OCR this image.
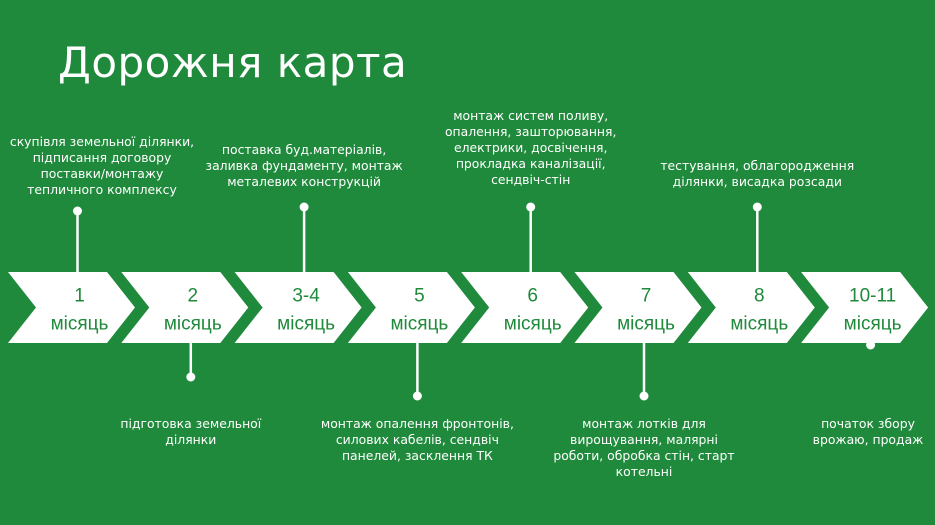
Дорожня карта
1
місяць
2
місяць
3-4
місяць
5
місяць
6
місяць
7
місяць
8
місяць
10-11
місяць
скупівля земельної ділянки,
підписання договору
поставки/монтажу
тепличного комплексу
підготовка земельної
ділянки
поставка буд.матеріалів,
заливка фундаменту, монтаж
металевих конструкцій
монтаж опалення фронтонів,
силових кабелів, сендвіч
панелей, засклення ТК
монтаж систем поливу,
опалення, зашторювання,
електрики, досвічення,
прокладка каналізації,
сендвіч-стін
монтаж лотків для
вирощування, малярні
роботи, обробка стін, старт
котельні
тестування, облагородження
ділянки, висадка розсади
початок збору
врожаю, продаж
